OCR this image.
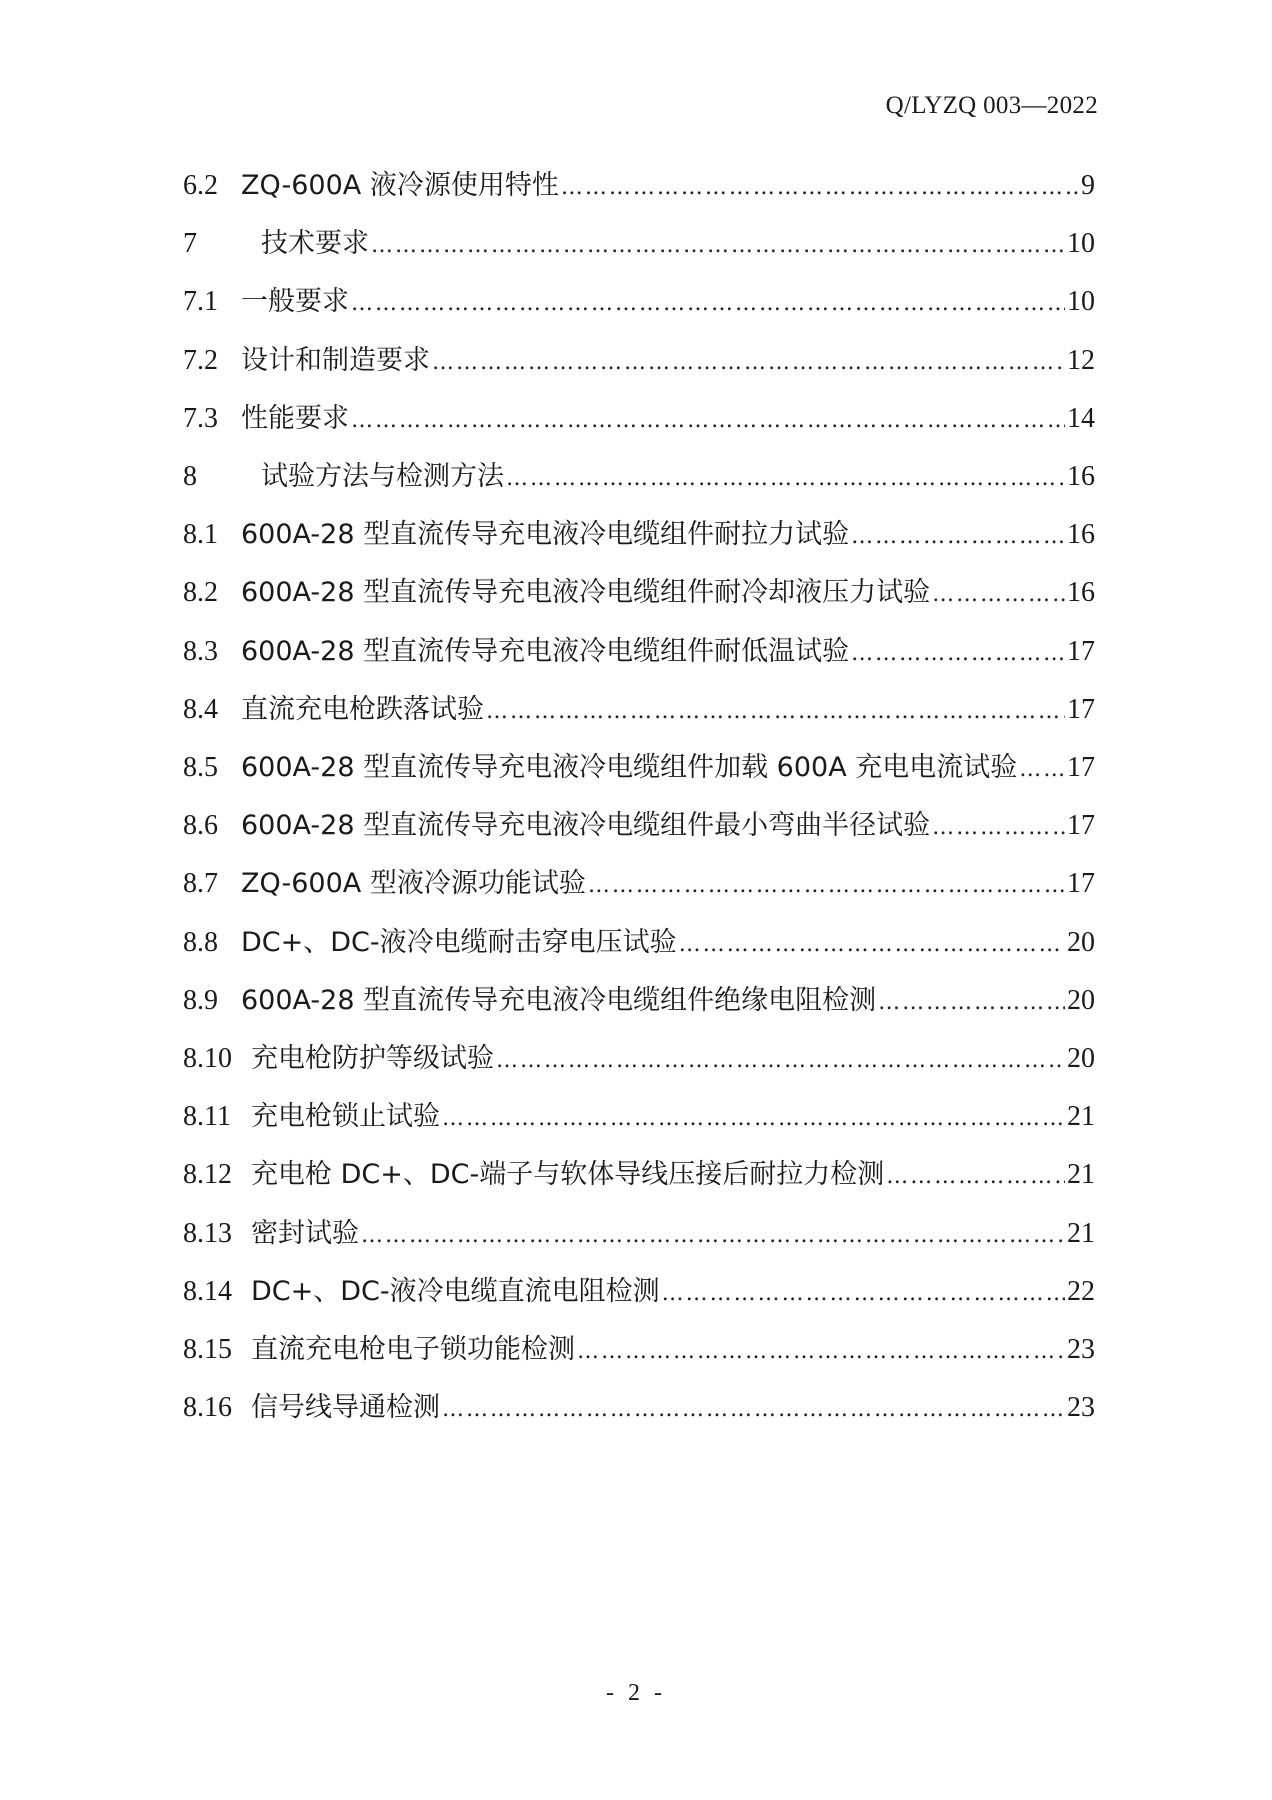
Q/LYZQ 003—2022
6.2 ZQ-600A 液冷源使用特性 ……………………………………………………………………………………………………………………………………………………………………………	9
7	技术要求 ……………………………………………………………………………………………………………………………………………………………………………	10
7.1 一般要求 ……………………………………………………………………………………………………………………………………………………………………………	10
7.2 设计和制造要求 ……………………………………………………………………………………………………………………………………………………………………………	12
7.3 性能要求 ……………………………………………………………………………………………………………………………………………………………………………	14
8	试验方法与检测方法 ……………………………………………………………………………………………………………………………………………………………………………	16
8.1 600A-28 型直流传导充电液冷电缆组件耐拉力试验 ……………………………………………………………………………………………………………………………………………………………………………	16
8.2 600A-28 型直流传导充电液冷电缆组件耐冷却液压力试验 ……………………………………………………………………………………………………………………………………………………………………………	16
8.3 600A-28 型直流传导充电液冷电缆组件耐低温试验 ……………………………………………………………………………………………………………………………………………………………………………	17
8.4 直流充电枪跌落试验 ……………………………………………………………………………………………………………………………………………………………………………	17
8.5 600A-28 型直流传导充电液冷电缆组件加载 600A 充电电流试验 …………………………………………………………………………………………………………………………………………………………………………… 17
8.6 600A-28 型直流传导充电液冷电缆组件最小弯曲半径试验 ……………………………………………………………………………………………………………………………………………………………………………	17
8.7 ZQ-600A 型液冷源功能试验 ……………………………………………………………………………………………………………………………………………………………………………	17
8.8 DC+、DC-液冷电缆耐击穿电压试验 ……………………………………………………………………………………………………………………………………………………………………………	20
8.9 600A-28 型直流传导充电液冷电缆组件绝缘电阻检测 ……………………………………………………………………………………………………………………………………………………………………………	20
8.10 充电枪防护等级试验 ……………………………………………………………………………………………………………………………………………………………………………	20
8.11 充电枪锁止试验 ……………………………………………………………………………………………………………………………………………………………………………	21
8.12 充电枪 DC+、DC-端子与软体导线压接后耐拉力检测 ……………………………………………………………………………………………………………………………………………………………………………	21
8.13 密封试验 ……………………………………………………………………………………………………………………………………………………………………………	21
8.14 DC+、DC-液冷电缆直流电阻检测 ……………………………………………………………………………………………………………………………………………………………………………	22
8.15 直流充电枪电子锁功能检测 ……………………………………………………………………………………………………………………………………………………………………………	23
8.16 信号线导通检测 ……………………………………………………………………………………………………………………………………………………………………………	23
- 2 -
